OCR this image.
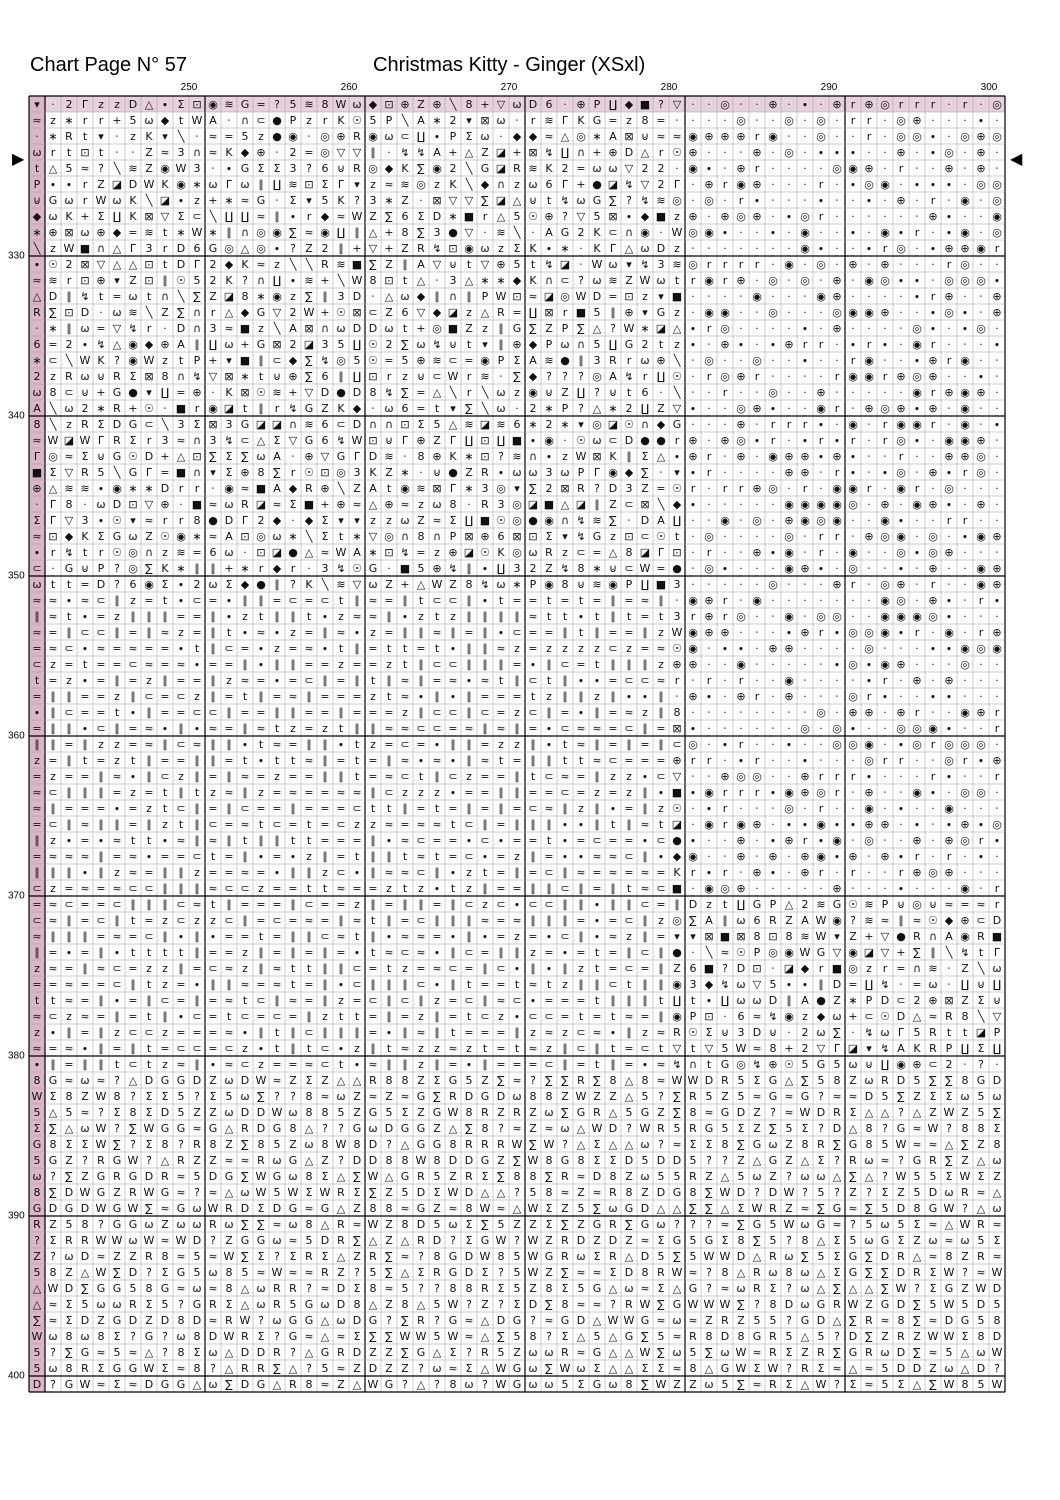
Chart Page N° 57	Christmas Kitty - Ginger (XSxl)
250	260	270	280	290	300
330
340
350
360
370
380
390
400
▶	◀
▾ · 2 Γ z z D △ ∙ Σ ⊡ ◉ ≋ G = ? 5 ≋ 8 W ω ◆ ⊡ ⊕ Z ⊕ ╲ 8 + ▽ ω D 6 · ⊕ P ∐ ◆ ■ ? ▽ · · ◎ ⋅ · ⊕ · ∙ · ⊕ r ⊕ ◎ r r r · r · ◎
≈ z ∗ r r + 5 ω ◆ t W A ⋅ ∩ ⊂ ● P z r K ☉ 5 P ╲ A ∗ 2 ▾ ⊠ ω ⋅ r ≋ Γ K G = z 8 = ⋅ · · · ◎ ⋅ · ◎ · ◎ · r r · ◎ ⊕ · · · ∙ ·
· ∗ R t ▾ ⋅ z K ▾ ╲ ⋅ ≈ = 5 z ● ◉ ⋅ ◎ ⊕ R ◉ ω ⊂ ∐ ∙ P Σ ω · ◆ ◆ ≈ △ ◎ ∗ A ⊠ ⊍ ≈ ≈ ◉ ⊕ ⊕ ⊕ r ◉ ⋅ · ◎ · · r · ◎ ◎ ∙ · ◎ ⊕ ◎
ω r t ⊡ t ⋅ ⋅ Z ≈ 3 ∩ ≈ K ◆ ⊕ ⋅ 2 = ◎ ▽ ▽ ∥ · ↯ ↯ A + △ Z ◪ + ⊠ ↯ ∐ ∩ + ⊕ D △ r ☉ ⊕ · · ⋅ ⊕ · ◎ · ∙ ∙ ∙ · · ⊕ · ∙ ◎ · ⊕ ·
t △ 5 ≈ ? ╲ ≋ Z ◉ W 3 ⋅ ∙ G Σ Σ 3 ? 6 ⊍ R ◎ ◆ K ∑ ◉ 2 ╲ G ◪ R ≋ K 2 = ω ω ▽ 2 2 · ◉ ∙ ⋅ ⊕ r · · · · ◎ ◉ ⊕ · r ⋅ · ⊕ ⋅ ⊕ ⋅
P ∙ ∙ r Z ◪ D W K ◉ ∗ ω Γ ω ∥ ∐ ≋ ⊡ Σ Γ ▾ z ≈ ≋ ◎ z K ╲ ◆ ∩ z ω 6 Γ + ● ◪ ↯ ▽ 2 Γ · ⊕ r ◉ ⊕ · · · r · ∙ ◎ ◉ · ∙ ∙ ∙ · ◎ ◎
⊍ G ω r W ω K ╲ ◪ ∙ z + ∗ ≈ G ⋅ Σ ▾ 5 K ? 3 ∗ Z · ⊠ ▽ ▽ ∑ ◪ △ ⊍ t ↯ ω G ∑ ? ↯ ≋ ◎ · ◎ · r ∙ ⋅ ⋅ ⋅ ∙ ⋅ · ∙ · ⊕ · r ⋅ ◉ ⋅ ◎
◆ ω K + Σ ∐ K ⊠ ▽ Σ ⊂ ╲ ∐ ∐ ≈ ∥ ∙ r ◆ ≈ W Z ∑ 6 Σ D ∗ ■ r △ 5 ☉ ⊕ ? ▽ 5 ⊠ ∙ ◆ ■ z ⊕ · ⊕ ◎ ⊕ · ∙ ◎ r · · ⋅ · · ⋅ ⊕ ∙ · · ◉
∗ ⊕ ⊠ ω ⊕ ◆ = ≋ t ∗ W ∗ ∥ ∩ ◎ ◉ ∑ ≈ ◉ ∐ ∥ △ + 8 ∑ 3 ● ▽ · ≋ ╲ · A G 2 K ⊂ ∩ ◉ · W ◎ ◉ ∙ · · ∙ · ◉ · · ∙ · ◉ ∙ r · ∙ ◉ · ◎
╲ z W ■ ∩ △ Γ 3 r D 6 G ◎ △ ◎ ∙ ? Z 2 ∥ + ▽ + Z R ↯ ⊡ ◉ ω z Σ K ∙ ∗ · K Γ △ ω D z ⋅ ⋅ · · · · · ◉ ∙ · · ∙ r ◎ · ∙ ⊕ ⊕ ◉ r
∙ ☉ 2 ⊠ ▽ △ △ ⊡ t D Γ 2 ◆ K ≈ z ╲ ╲ R ≋ ■ ∑ Z ∥ A ▽ ⊍ t ▽ ⊕ 5 t ↯ ◪ ⋅ W ω ▾ ↯ 3 ≋ ◎ r r r r · ◉ · ◎ · ⊕ ⋅ ⊕ ⋅ · · r ◎ · ·
≈ ≋ r ⊡ ⊕ ▾ Z ⊡ ∥ ☉ 5 2 K ? ∩ ∐ ∙ ≋ + ╲ W 8 ⊡ t △ ⋅ 3 △ ∗ ∗ ◆ K ∩ ⊂ ? ω ≋ Z W ω t r ◉ r ⊕ · ◎ ⋅ ◎ ⋅ ⊕ ⋅ ◉ ◎ ∙ ∙ ⋅ ◎ ◎ ◎ ∙
△ D ∥ ↯ t = ω t ∩ ╲ ∑ Z ◪ 8 ∗ ◉ z ∑ ∥ 3 D ⋅ △ ω ◆ ∥ ∩ ∥ P W ⊡ ≈ ◪ ◎ W D = ⊡ z ▾ ■ · ⋅ · ⋅ ◉ · · ⋅ ◉ ⊕ · · · · ∙ r ⊕ · ⋅ ⊕
R ∑ ⊡ D · ω ≋ ╲ Z ∑ ∩ r △ ◆ G ▽ 2 W + ☉ ⊠ ⊂ Z 6 ▽ ◆ ◪ z △ R = ∐ ⊠ r ■ 5 ∥ ⊕ ▾ G z · ◉ ◉ · ⋅ ◎ · · · ◎ ◉ ◉ ⊕ · · ∙ ◎ ∙ ⋅ ⊕
⋅ ∗ ∥ ω = ▽ ↯ r · D ∩ 3 ≈ ■ z ╲ A ⊠ ∩ ω D D ω t + ◎ ■ Z z ∥ G ∑ Z P ∑ △ ? W ∗ ◪ △ ∙ r ◎ · · · · ∙ · ⊕ · · · ⋅ ◎ ∙ · ∙ ◎ ·
6 = 2 ∙ ↯ △ ◉ ◆ ⊕ A ∥ ∐ ω + G ⊠ 2 ◪ 3 5 ∐ ☉ 2 ∑ ω ↯ ⊍ t ▾ ∥ ⊕ ◆ P ω ∩ 5 ∐ G 2 t z ∙ ⋅ ⊕ ∙ · ∙ ⊕ r r · ∙ r ∙ · ◉ r · ⋅ · ∙
∗ ⊂ ╲ W K ? ◉ W z t P + ▾ ■ ∥ ⊂ ◆ ∑ ↯ ◎ 5 ☉ = 5 ⊕ ≋ ⊂ = ◉ P Σ A ≋ ● ∥ 3 R r ω ⊕ ╲ ⋅ ◎ · · ◎ · · ∙ · · r ◉ ⋅ · ∙ ⊕ r ◉ · ⋅
2 z R ω ⊍ R Σ ⊠ 8 ∩ ↯ ▽ ⊠ ∗ t ⊍ ⊕ ∑ 6 ∥ ∐ ⊡ r z ⊍ ⊂ W r ≋ ⋅ ∑ ◆ ? ? ? ◎ A ↯ r ∐ ☉ · r ◎ ⊕ r ⋅ · ⋅ · r ◉ ◉ r ⊕ ◎ ⊕ · · ∙ ⋅
ω 8 ⊂ ⊍ + G ● ▾ ∐ = ⊕ · K ⊠ ☉ ≋ + ▽ D ● D 8 ↯ ∑ = △ ╲ r ╲ ω z ◉ ⊍ Z ∐ ? ⊍ t 6 · ╲ ⋅ · r · ⋅ ◎ · · ⊕ ⋅ · · · · ◉ r ⊕ ◉ ⊕ ·
A ╲ ω 2 ∗ R + ☉ ⋅ ■ r ◉ ◪ t ∥ r ↯ G Z K ◆ ⋅ ω 6 = t ▾ ∑ ╲ ω · 2 ∗ P ? △ ∗ 2 ∐ Z ▽ ∙ · · ◎ ⊕ ∙ · · ◉ r ⋅ ⊕ ◎ ⊕ ∙ ⊕ ⋅ ◉ ⋅ ·
8 ╲ z R Σ D G ⊂ ╲ 3 Σ ⊠ 3 G ◪ ◪ ∩ ≋ 6 ⊂ D ∩ ∩ ⊡ Σ 5 △ ≋ ◪ ≋ 6 ∗ 2 ∗ ▾ ◎ ◪ ☉ ∩ ◆ G · · · ⊕ ⋅ r r r ∙ · ◉ ⋅ r ◉ ◉ r ⋅ ◉ ⋅ ∙
≈ W ◪ W Γ R Σ r 3 ≈ ∩ 3 ↯ ⊂ △ Σ ▽ G 6 ↯ W ⊡ ⊍ Γ ⊕ Z Γ ∐ ⊡ ∐ ■ ∙ ◉ · ☉ ω ⊂ D ● ● r ⊕ · ⊕ ◎ ∙ r · ∙ r ∙ r · r ◎ ∙ · ◉ ◉ ⊕ ⋅
Γ ◎ ≈ Σ ⊍ G ☉ D + △ ⊡ ∑ Σ ∑ ω A ⋅ ⊕ ▽ G Γ D ≋ ⋅ 8 ⊕ K ∗ ⊡ ? ≋ ∩ ∙ z W ⊠ K ∥ Σ △ ∙ ⊕ r ⋅ ⊕ · ◉ ⊕ ⊕ ∙ ⊕ ∙ ⋅ ⋅ r · · ⊕ ⊕ ◎ ·
■ Σ ▽ R 5 ╲ G Γ = ■ ∩ ▾ Σ ⊕ 8 ∑ r ☉ ⊡ ◎ 3 K Z ∗ · ⊍ ● Z R ∙ ω ω 3 ω P Γ ◉ ◆ ∑ ⋅ ▾ ∙ r · · · · ⊕ ⊕ ⋅ r ∙ ⋅ ∙ ◎ ⋅ ⊕ ∙ r ◎ ·
⊕ △ ≋ ≋ ∙ ◉ ∗ ∗ D r r ⋅ ◉ ≈ ■ A ◆ R ⊕ ╲ Z A t ◉ ≋ ⊠ Γ ∗ 3 ◎ ▾ ∑ 2 ⊠ R ? D 3 Z = ☉ r · r r ⊕ ◎ · r · ◉ ◉ r · ◉ r · ◎ · · ·
· Γ 8 · ω D ⊡ ▽ ⊕ · ■ ≈ ω R ◪ ≈ Σ ■ + ⊕ ≈ △ ⊕ ≈ z ω 8 · R 3 ◎ ◪ ■ △ ◪ ∥ Z ⊂ ⊠ ╲ ◆ ∙ · ⋅ · · · ◉ ◉ ◉ ◉ ◎ · ⊕ · ◉ ⊕ ∙ · ⊕ ·
Σ Γ ▽ 3 ∙ ☉ ▾ ≈ r r 8 ● D Γ 2 ◆ · ◆ Σ ▾ ▾ z z ω Z ≈ Σ ∐ ■ ☉ ◎ ● ◉ ∩ ↯ ≋ ∑ ⋅ D A ∐ · ⋅ ◉ ⋅ ◎ · ⊕ ◉ ◎ ◉ · · ◉ ∙ · · r r · ·
≈ ⊡ ◆ K Σ G ω Z ☉ ◉ ∗ ≈ A ⊡ ◎ ω ∗ ╲ Σ t ∗ ▽ ◎ ∩ 8 ∩ P ⊠ ⊕ 6 ⊠ ⊡ Σ ▾ ↯ G z ⊡ ⊂ ☉ t · ◎ · · · · ◎ ⋅ r r ⋅ ⊕ ◎ ◉ · ◎ · ∙ ◉ ⊕
∙ r ↯ t r ☉ ◎ ∩ z ≋ = 6 ω · ⊡ ◪ ● △ ≈ W A ∗ ⊡ ↯ = z ⊕ ◪ ☉ K ◎ ω R z ⊂ = △ 8 ◪ Γ ⊡ · r · ⋅ ⊕ ∙ ◉ ⋅ r · ◉ ⋅ · ◎ ∙ ◎ ⊕ · ⋅ ⋅
⊂ · G ⊍ P ? ◎ ∑ K ∗ ∥ ∥ + ∗ r ◆ r · 3 ↯ ☉ G · ■ 5 ⊕ ↯ ∥ ∙ ∐ 3 2 Z ↯ 8 ∗ ⊍ ⊂ W = ● ⋅ ◎ ∙ · · · ◉ ⊕ ∙ · ◎ ⋅ ⋅ ∙ ⋅ ⊕ · · ◉ ⊕
ω t t = D ? 6 ◉ Σ ∙ 2 ω Σ ◆ ● ∥ ? K ╲ ≋ ▽ ω Z + △ W Z 8 ↯ ω ∗ P ◉ 8 ⊍ ≋ ◉ P ∐ ■ 3 · ⋅ · · · ◎ ⋅ ⋅ · ⊕ r ⋅ ◎ ⊕ ⋅ r ⋅ · ◉ ⊕
≈ ≈ ∙ ≈ ⊂ ∥ z = t ∙ ⊂ = ∙ ∥ ∥ = ⊂ = ⊂ t ∥ ≈ = ∥ t ⊂ ⊂ ∥ ∙ t = = t = t = ∥ = ≈ ∥ ⋅ ◉ ⊕ r ⋅ ◉ · · · · · · · ◉ ◎ · ⊕ ∙ ⋅ r ∙
∥ ≈ t ∙ = z ∥ ∥ ∥ = = ∥ ∙ z t ∥ ∥ t ∙ z ≈ ≈ ∥ ∙ z t z ∥ ∥ ∥ ∥ ≈ t t ∙ t ∥ t = t 3 r ⊕ r ◎ · ⋅ ◉ ⋅ ◎ ◎ · · ◉ ◉ ◉ ◎ ∙ · ⋅ ·
≈ = ∥ ⊂ ⊂ ∥ = ∥ ≈ z = ∥ t ∙ ≈ ∙ z = ∥ ≈ ∙ z = ∥ ∥ ≈ ∥ = ∥ ∙ ⊂ = = ∥ t ∥ = = ∥ z W ◉ ⊕ ⊕ · ⋅ · ∙ ⊕ r ∙ ◎ ◎ ◉ ∙ r · ◉ · r ⊕
= ≈ ⊂ ∙ ≈ = ≈ = = ∙ t ∥ ⊂ = ∙ z = ≈ ∙ t ∥ = t t = t ∙ ∥ ∥ ≈ z = z z z z ⊂ z = ≈ ☉ ◉ ⋅ ∙ ∙ · ⊕ ⊕ · · · · ◎ ⋅ ⋅ · ∙ ∙ ◉ ◎ ◉
⊂ z = t = = ⊂ ≈ = ≈ ∙ = = ∥ ∙ ∥ ∥ = = z = = z t ∥ ⊂ ⊂ ∥ ∥ ∥ = ∙ ∥ ⊂ = t ∥ ∥ ∥ z ⊕ ⊕ · · ◉ ⋅ · · · ⋅ ∙ ◎ ∙ ◉ ⊕ · · ⋅ ◎ · ·
t = z ∙ = ∥ = z ∥ = = ∥ z ≈ = ∙ = ⊂ ∥ = ∥ t ∥ ≈ ∥ = ≈ ∙ ≈ t ∥ ⊂ t ∥ ∙ ∙ = ⊂ ⊂ ≈ r ⋅ r · r · · ◉ ⋅ · · ⋅ ∙ r · ⊕ · ⊕ · · ·
= ∥ ∥ = = z ∥ ⊂ = ⊂ z ∥ = t ∥ = ≈ ∥ = = = z t ≈ ∙ ∥ ∙ ∥ = = = t z ∥ ∥ z ∥ ∙ ∙ ∥ ⋅ ⊕ ∙ · ⊕ r · ⊕ · ⋅ ⋅ ◎ r ∙ · · ∙ ∙ ⋅ · ·
∙ ∥ ⊂ = = t ∙ ∥ = = ⊂ ⊂ ∥ = = ∥ ∥ = = ∥ = = = z ∥ ⊂ ⊂ ∥ ⊂ = z ⊂ ∥ = ∙ ∥ = ≈ z ∥ 8 · ⋅ · ⋅ · · ⋅ ⋅ ◎ · ⊕ ⊕ · ⊕ r ⋅ · ◉ ⊕ r
= ∥ ∥ ∙ ⊂ ∥ = ≈ ∙ ∥ ∙ ≈ = ∥ ≈ t z = z t ∥ ∥ ≈ ≈ ⊂ ⊂ = ≈ ∥ ≈ ∥ = ∙ ⊂ ≈ ≈ = ⊂ ∥ = ⊠ ∙ · ⋅ · · ⋅ · ◎ · ◎ ∙ · · ◎ ◎ ◉ ∙ ⋅ · r
∥ ∥ = ∥ z z = ≈ ∥ ⊂ ≈ ∥ ∥ ∙ t ≈ = ∥ ∥ ∙ t z = ⊂ = ∙ ∥ ∥ = z z ∥ ∙ t ≈ ∥ = ∥ = ∥ ⊂ ◎ · ∙ r · · ∙ · · ◎ ◎ ◉ · ∙ ◎ r ◎ ◎ ◎ ·
z = ∥ t = z t ∥ = = ∥ ∥ = t ∙ t t ≈ ∥ = t = ∥ ≈ ∙ ≈ ∙ ∥ ≈ t = ∥ ∥ t t ≈ ⊂ = = = ⊕ r r · ∙ r · · ∙ ⋅ · · ◎ r r · ⋅ ◎ r ∙ ⊕
= z = = ∥ ≈ ∙ ∥ ⊂ z ∥ = ∥ ≈ = z = = ∥ ∥ t = ≈ ⊂ t ∥ ⊂ z = = ∥ t ⊂ ≈ = ∥ z z ∙ ⊂ ▽ ⋅ ⋅ ⊕ ◎ ◎ · · ⊕ r r r ∙ · · · r ∙ ⋅ ⋅ r
≈ ⊂ ∥ ∥ ∥ = z = t ∥ t z ≈ ∥ z = ≈ = = ≈ ≈ ∥ ⊂ z z z ∙ = = ∥ ∥ = = ⊂ = z = z ∥ ∙ ■ ∙ ◉ r r r ∙ ◉ ⊕ ◎ r ⋅ ⊕ ⋅ ⋅ ◉ ∙ · ◎ ◎ ·
≈ ∥ = = = ∙ = z t ⊂ ∥ = ∥ ⊂ = = ∥ = = = ⊂ t t ∥ = t = ∥ = ∥ = ⊂ ≈ ∥ z ∥ ∙ = ∥ z ☉ · ∙ r · ⋅ ⋅ ◎ · r · · ◉ · ∙ · · ◉ · · ⋅
= ⊂ ∥ ≈ ∥ ∥ = ∥ z t ∥ ⊂ = ≈ t ⊂ = t = ⊂ z z ≈ = ≈ ≈ t ⊂ ∥ = ∥ ∥ ∥ ∙ ∙ ∥ t ∥ ≈ t ◪ · ◉ r ◉ ⊕ · ∙ ∙ ◉ ∙ ∙ ⊕ ⊕ · ∙ ⋅ ∙ ⊕ ∙ ◎
∥ z ∙ = ∙ ≈ t t ∙ ≈ ∥ ≈ ∥ t ∥ ∥ t t = = = ∥ ∙ ≈ ⊂ = = ∙ ⊂ ∙ = = t ∙ = ⊂ = = ∙ ⊂ ● ∙ · · ⊕ · ∙ ⊕ r ∙ ◉ ⋅ ◎ ⋅ · ⊕ · ⊕ ◎ r ∙
= ≈ ≈ ≈ ∥ = ≈ ∙ = = ⊂ t = ∥ ∙ = ∙ z ∥ = t ∥ ∥ t ≈ t = ⊂ ∙ = z ∥ = ∙ ∙ ≈ ≈ ⊂ ∥ ∙ ◆ ◉ · ⋅ ⊕ ⋅ ⊕ · ⊕ ◉ ∙ ⊕ ⋅ ⊕ ∙ r · r · ∙ ·
∥ ∥ ∥ ∙ ∥ z ≈ = ∥ ∥ z = = ≈ = ∙ ∥ ∥ z ⊂ ∙ ∥ ≈ ≈ ⊂ ∥ ∙ z t = ∥ = ⊂ ∥ ≈ = ≈ = ≈ = K r ∙ r ⋅ ⊕ ∙ · ⊕ r · r · ⋅ r ⊕ ◎ ⊕ · ⋅ ·
⊂ z = ≈ = ≈ ⊂ ⊂ ∥ ∥ ∥ ≈ ⊂ ⊂ z = = t t ≈ = = z t z ∙ t z ∥ = = ∥ ∥ ⊂ ∥ = ∥ t ≈ ⊂ ■ · ◉ ◎ ⊕ · · · · · ⊕ ⋅ · · ∙ · · · ◉ ⋅ r
= ≈ ⊂ = = ⊂ ∥ ∥ ∥ ⊂ ≈ t ∥ = = = ∥ ⊂ = = z ∥ = ∥ ∥ = ∥ ⊂ z ⊂ ∙ ⊂ ⊂ ∥ ∥ ∙ ∥ ∥ ⊂ = ∥ D z t ∐ G P △ 2 ≋ G ☉ ≋ P ⊍ ◎ ⊍ ≈ = ≈ r
⊂ ≈ ∥ = ⊂ ∥ t = z ⊂ z z ⊂ ∥ = ⊂ = ≈ = ∥ ≈ t ∥ = ⊂ ∥ ∥ ∥ ≈ = ≈ ∥ ∥ ∥ = ∙ = ⊂ ∥ z ◎ ∑ A ∥ ω 6 R Z A W ◉ ? ≋ ≈ ∥ ≈ ☉ ◆ ⊕ ⊂ D
≈ ∥ ∥ ∥ = ≈ = ⊂ ∥ ∙ ∥ ∙ = = t = ∥ ∥ ⊂ ≈ t ∥ ∙ ≈ ≈ = ∙ ∥ ∙ = z = ∙ ⊂ ∥ ∙ ≈ z ∥ = ▾ ▾ ⊠ ■ ⊠ 8 ⊡ 8 ≋ W ▾ Z + ▽ ● R ∩ A ◉ R ■
∥ = ∙ = ∥ ∙ t t t t ∥ = = z ∥ = ∥ = ∥ = ∙ t ≈ ⊂ ≈ ∙ ∥ ⊂ = ∥ ∥ z = ∙ = t = ∥ ⊂ ∥ ● · ╲ ≈ ☉ P ◎ ◉ W G ▽ ◉ ◪ ▽ + ∑ ∥ ╲ ↯ t Γ
z ≈ = ∥ ≈ ⊂ = z z ∥ = ⊂ ≈ z ∥ ≈ t t ∥ ∥ ⊂ = t z = ≈ ⊂ = ∥ ⊂ ∙ ∥ ∙ ∥ z t = ⊂ = ∥ Z 6 ■ ? D ⊡ ⋅ ◪ ◆ r ■ ◎ z r = ∩ ≋ ⋅ Z ╲ ω
= = ≈ = = ⊂ ∥ t z = ∙ ∥ ∥ ≈ = ≈ t = ∥ ∙ ⊂ ∥ ∥ ∥ ⊂ ∙ ∥ t = = t ≈ t z ∥ ∥ ⊂ t ∥ ∥ ◉ 3 ◆ ↯ ω ▽ 5 ∙ ∙ ∥ D = ∐ ↯ ⋅ = ω ⋅ ∐ ⊍ ∐
t t ≈ = ∥ ∙ = ∥ ⊂ = ∥ = ≈ t ⊂ ∥ ≈ = ∥ z = ⊂ ∥ ⊂ ∥ z = ⊂ ∥ ≈ ⊂ ∙ = = = t ∥ ∥ ∥ t ∐ t ∙ ∐ ω ω D ∥ A ● Z ∗ P D ⊂ 2 ⊕ ⊠ Z Σ ⊍
≈ ⊂ z ≈ = ∥ = t ∥ ∙ ⊂ = t ⊂ = ⊂ = ∥ z t t = ∥ = z ∥ = t ⊂ z ∙ ⊂ ⊂ = t = t ≈ = ∥ ◉ P ⊡ · 6 ≈ ↯ ◉ z ◆ ω + ⊂ ☉ D △ ≈ R 8 ╲ ▽
z ∙ ∥ = ∥ z ⊂ ⊂ z = = = ≈ ∙ ∥ t ∥ ⊂ ∥ ∥ ∥ = ∙ ∥ ≈ ∥ t = = = ∥ z ≈ z ⊂ ≈ ∙ ∥ z ≈ R ☉ Σ ⊍ 3 D ⊍ · 2 ω ∑ · ↯ ω Γ 5 R t t ◪ P
≈ = ≈ ∙ ∥ = ∥ t = ⊂ ⊂ = ⊂ z ∙ t ∥ t ⊂ ∙ z ∥ t ≈ z z ≈ z t = t ≈ z ∥ ⊂ ∥ t = ⊂ t ▽ t ▽ 5 W ≈ 8 + 2 ▽ Γ ◪ ▾ ↯ A K R P ∐ Σ ∐
∙ ∥ = ∥ ∥ t ⊂ t z ≈ ∥ ∙ ≈ ⊂ z = = ≈ ⊂ t ∙ ≈ ∥ ∥ z ∥ = ∙ ∥ = = = ⊂ ∥ = t ∥ = ∙ ≈ ↯ ∩ t G ◎ ↯ ⊕ ☉ 5 G 5 ω ⊍ ∐ ◉ ⊕ ⊂ 2 ⋅ ? ·
8 G ≈ ω ≈ ? △ D G G D Z ω D W ≈ Z Σ Z △ △ R 8 8 Z Σ G 5 Z ∑ ≈ ? ∑ ∑ R ∑ 8 △ 8 ≈ W W D R 5 Σ G △ ∑ 5 8 Z ω R D 5 ∑ ∑ 8 G D
W Σ 8 Z W 8 ? Σ Σ 5 ? Σ 5 ω ∑ ? ? 8 ≈ ω Z ≈ Z ≈ G ∑ R D G D ω 8 8 Z W Z Z △ 5 ? ∑ R 5 Z 5 ≈ G ≈ G ? ≈ ≈ D 5 ∑ Z Σ Σ ω 5 ω
5 △ 5 ≈ ? Σ 8 Σ D 5 Z Z ω D D W ω 8 8 5 Z G 5 Σ Z G W 8 R Z R Z ω ∑ G R △ 5 G Z ∑ 8 ≈ G D Z ? ≈ W D R Σ △ △ ? △ Z W Z 5 ∑
Σ ∑ △ ω W ? ∑ W G G ≈ G △ R D G 8 △ ? ? G ω D G G Z △ ∑ 8 ? ≈ Z ≈ ω △ W D ? W R 5 R G 5 Σ Z ∑ 5 Σ ? D △ 8 ? G ≈ W ? 8 8 Σ
G 8 Σ Σ W ∑ ? Σ 8 ? R 8 Z ∑ 8 5 Z ω 8 W 8 D ? △ G G 8 R R R W ∑ W ? △ Σ △ △ ω ? ≈ Σ Σ 8 ∑ G ω Z 8 R ∑ G 8 5 W ≈ ≈ △ ∑ Z 8
5 G Z ? R G W ? △ R Z Z ≈ ≈ R ω G △ Z ? D D 8 8 W 8 D D G Z ∑ W 8 G 8 Σ Σ D 5 D D 5 ? ? Z △ G Z △ Σ ? R ω ≈ ? G R ∑ Z △ ω
ω ? ∑ Z G R G D R ≈ 5 D G ∑ W G ω 8 Σ △ ∑ W △ G R 5 Z R Σ ∑ 8 8 ∑ R ≈ D 8 Z ω 5 5 R Z △ 5 ω Z ? ω ω △ ∑ △ ? W 5 5 Σ W Σ Z
8 ∑ D W G Z R W G ≈ ? ≈ △ ω W 5 W Σ W R Σ ∑ Z 5 D Σ W D △ △ ? 5 8 ≈ Z ≈ R 8 Z D G 8 ∑ W D ? D W ? 5 ? Z ? Σ Z 5 D ω R ≈ △
G D G D W G W ∑ ≈ G ω W R D Σ D G ≈ G △ Z 8 8 ≈ G Z ≈ 8 W ≈ △ W Σ Z 5 ∑ ω G D △ △ ∑ ∑ △ Σ W R Z ≈ ∑ G ≈ ∑ 5 D 8 G W ? △ ω
R Z 5 8 ? G G ω Z ω ω R ω ∑ ∑ ≈ ω 8 △ R ≈ W Z 8 D 5 ω Σ ∑ 5 Z Z Σ ∑ Z G R ∑ G ω ? ? ? ≈ ∑ G 5 W ω G ≈ ? 5 ω 5 Σ ≈ △ W R ≈
? Σ R R W W ω W ≈ W D ? Z G G ω ≈ 5 D R ∑ △ Z △ R D ? Σ G W ? W Z R D Z D Z ≈ Σ G 5 G Σ 8 ∑ 5 ? 8 △ Σ 5 ω G Σ Z ω ≈ ω 5 Σ
Z ? ω D ≈ Z Z R 8 ≈ 5 ≈ W ∑ Σ ? Σ R Σ △ Z R ∑ ≈ ? 8 G D W 8 5 W G R ω Σ R △ D 5 ∑ 5 W W D △ R ω ∑ 5 Σ G ∑ D R △ ≈ 8 Z R ≈
5 8 Z △ W ∑ D ? Σ G 5 ω 8 5 ≈ W ≈ ≈ R Z ? 5 ∑ △ Σ R G D Σ ? 5 W Z ∑ ≈ ≈ Σ D 8 R W ≈ ? 8 △ R ω 8 ω △ Σ G ∑ ∑ D R Σ W ? ≈ W
△ W D ∑ G G 5 8 G ≈ ω ≈ 8 △ ω R R ? ≈ D Σ 8 ≈ 5 ? ? 8 8 R Σ 5 Z 8 Σ 5 G △ ω ≈ Σ △ G ? ≈ ω R Σ ? ω △ ∑ △ △ ∑ W ? Σ G Z W D
△ ≈ Σ 5 ω ω R Σ 5 ? G R Σ △ ω R 5 G ω D 8 △ Z 8 △ 5 W ? Z ? Σ D ∑ 8 ≈ ≈ ? R W ∑ G W W W ∑ ? 8 D ω G R W Z G D ∑ 5 W 5 D 5
∑ ≈ Σ D Z G D Z D 8 D ≈ R W ? ω G G △ ω D G ? ∑ R ? G ≈ △ D G ? ≈ G D △ W W G ≈ ω ≈ Z R Z 5 5 ? G D △ ∑ R ≈ 8 ∑ ≈ D G 5 8
W ω 8 ω 8 Σ ? G ? ω 8 D W R Σ ? G ≈ △ ≈ Σ ∑ ∑ W W 5 W ≈ △ ∑ 5 8 ? Σ △ 5 △ G ∑ 5 ≈ R 8 D 8 G R 5 △ 5 ? D ∑ Z R Z W W Σ 8 D
5 ? ∑ G ≈ 5 ≈ △ ? 8 Σ ω △ D D R ? △ G R D Z Z ∑ G △ Σ ? R 5 Z ω ω R ≈ G △ △ W ∑ ω 5 ∑ ω W ≈ R Σ Z R ∑ G R ω D ∑ ≈ 5 △ ω W
5 ω 8 R Σ G G W Σ ≈ 8 ? △ R R ∑ △ ? 5 ≈ Z D Z Z ? ω ≈ Σ △ W G ω ∑ W ω Σ △ △ Σ Σ ≈ 8 △ G W Σ W ? R Σ ≈ △ ≈ 5 D D Z ω △ D ?
D ? G W ≈ Σ ≈ D G G △ ω ∑ D G △ R 8 ≈ Z △ W G ? △ ? 8 ω ? W G ω ω 5 Σ G ω 8 ∑ W Z Z ω 5 ∑ ≈ R Σ △ W ? Σ ≈ 5 Σ △ ∑ W 8 5 W
